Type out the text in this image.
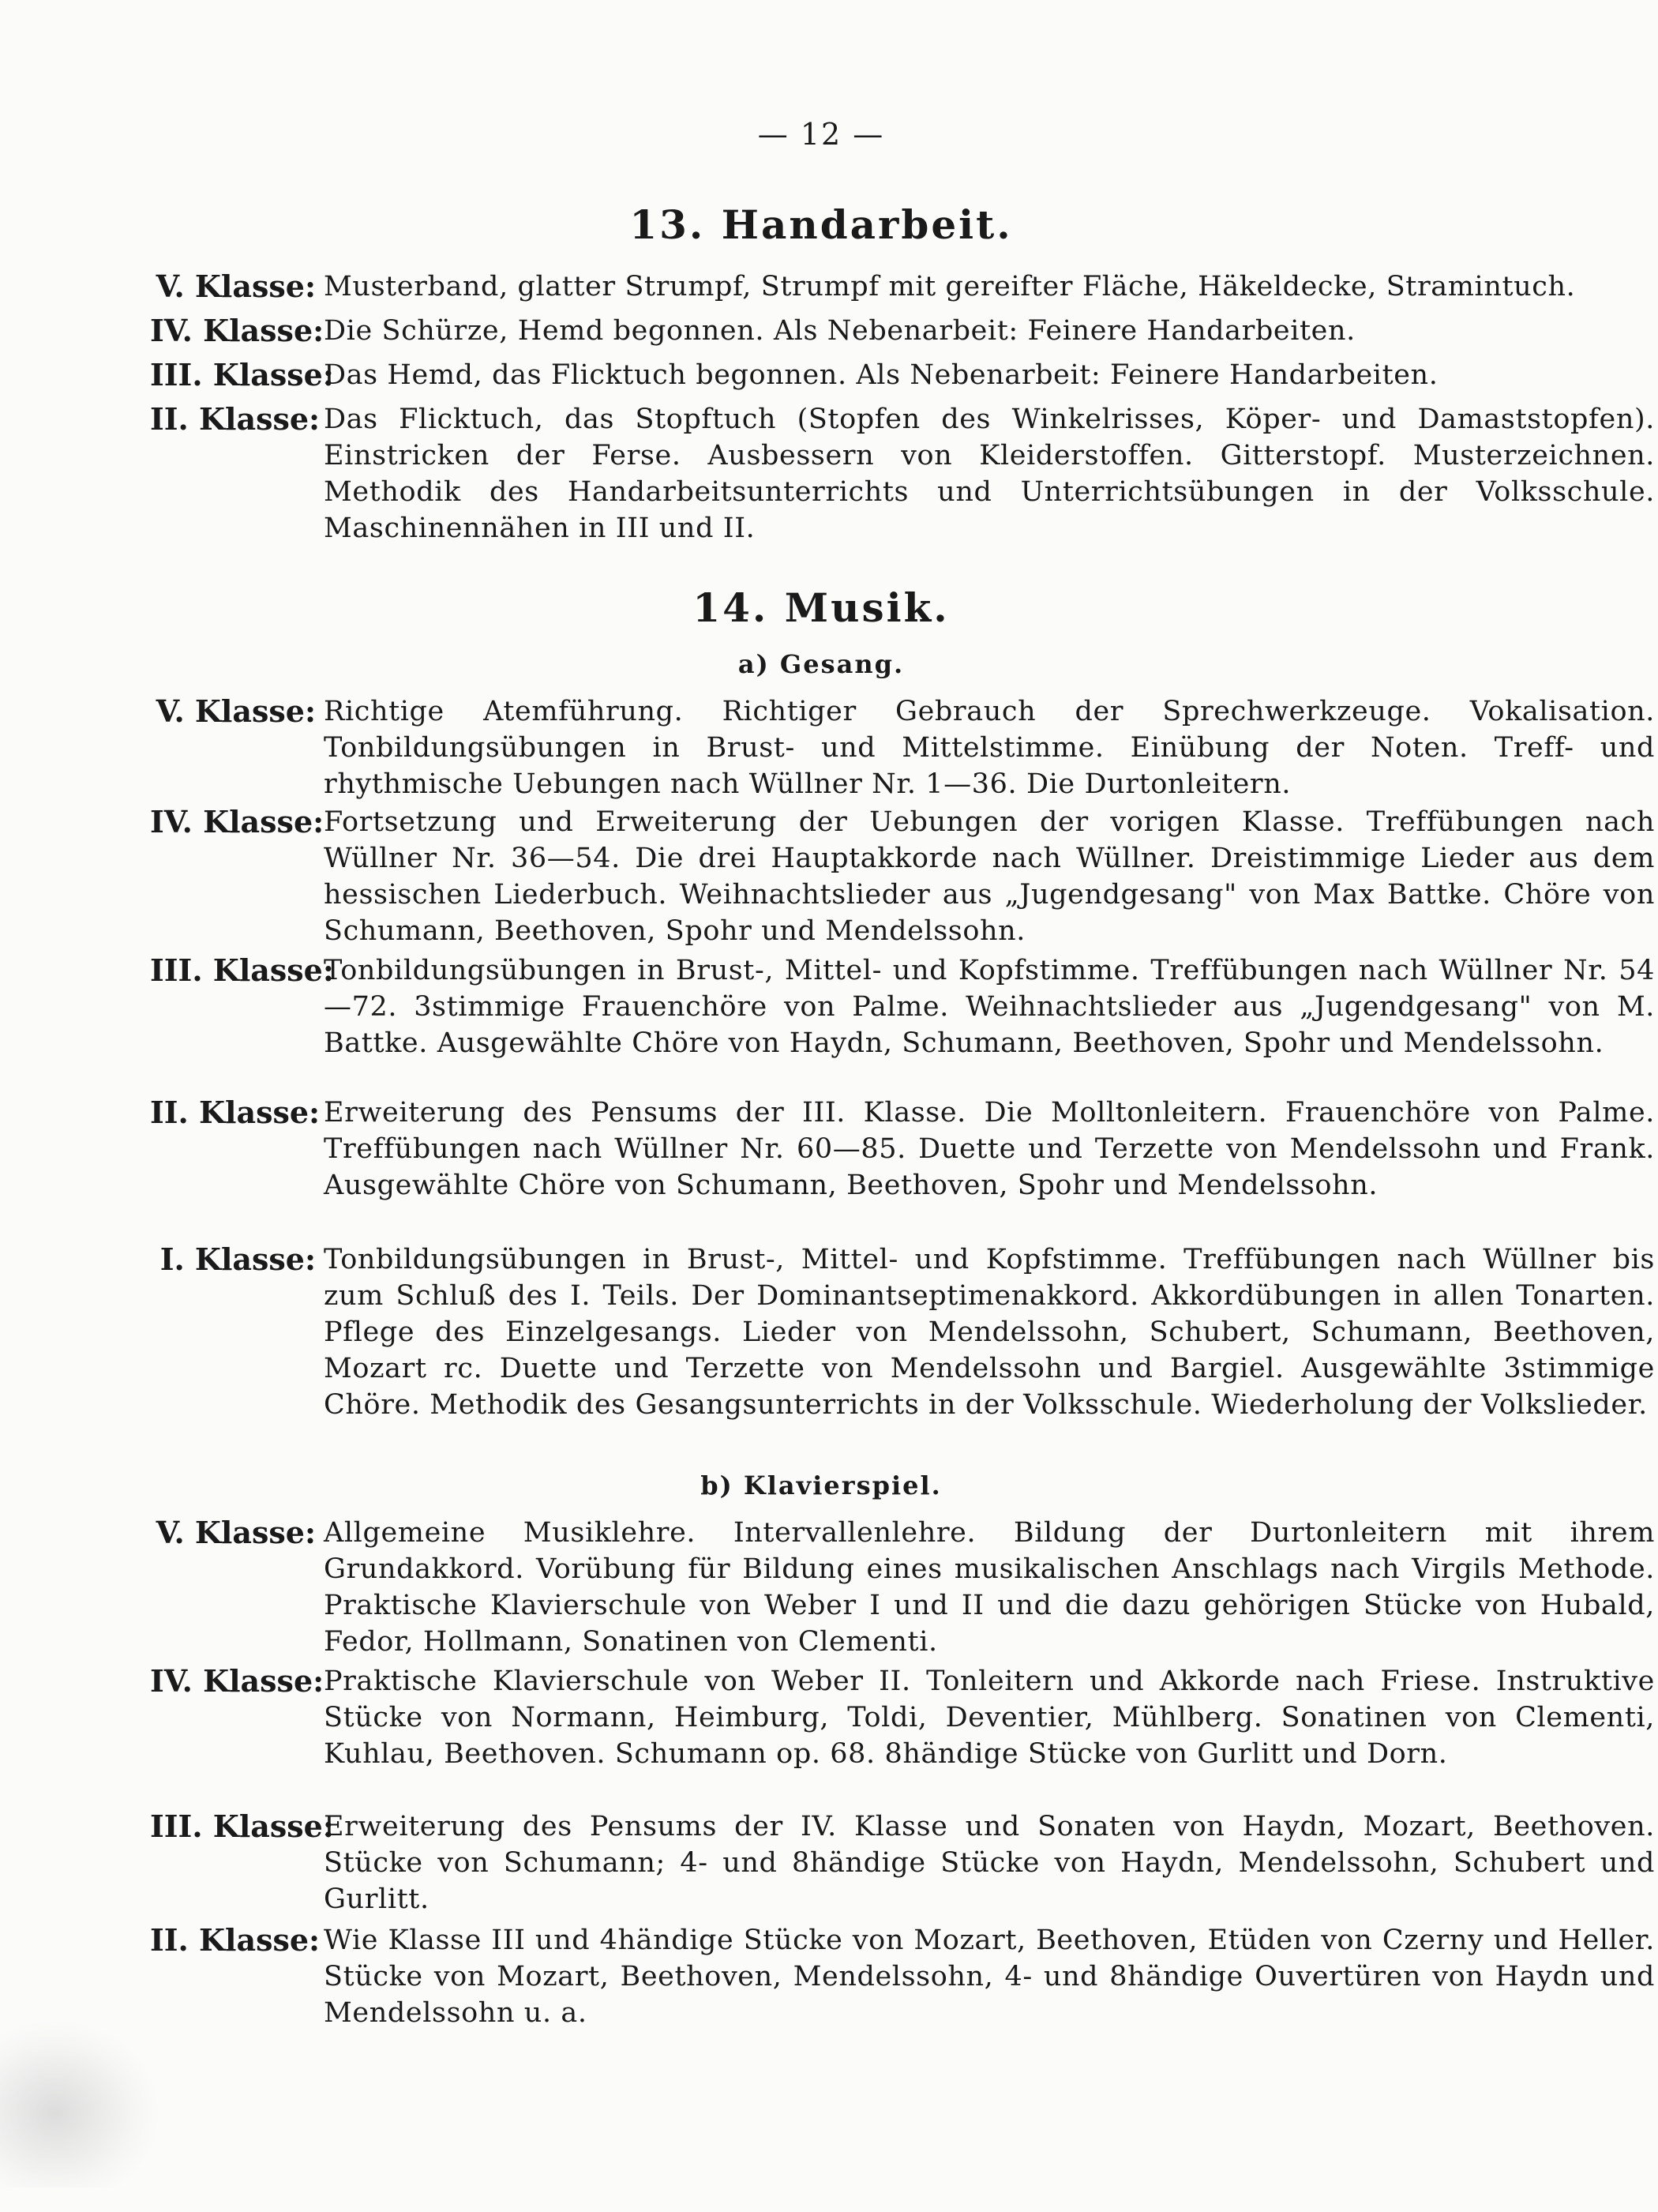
— 12 —
13. Handarbeit.
V. Klasse: Musterband, glatter Strumpf, Strumpf mit gereifter Fläche, Häkeldecke, Stramintuch.
IV. Klasse: Die Schürze, Hemd begonnen. Als Nebenarbeit: Feinere Handarbeiten.
III. Klasse:
Das Hemd, das Flicktuch begonnen. Als Nebenarbeit: Feinere Handarbeiten.
II. Klasse: Das Flicktuch, das Stopftuch (Stopfen des Winkelrisses, Köper- und Damaststopfen). Einstricken der Ferse. Ausbessern von Kleiderstoffen. Gitterstopf. Musterzeichnen. Methodik des Handarbeitsunterrichts und Unterrichtsübungen in der Volksschule. Maschinennähen in III und II.
14. Musik.
a) Gesang.
V. Klasse: Richtige Atemführung. Richtiger Gebrauch der Sprechwerkzeuge. Vokalisation. Tonbildungsübungen in Brust- und Mittelstimme. Einübung der Noten. Treff- und rhythmische Uebungen nach Wüllner Nr. 1—36. Die Durtonleitern.
IV. Klasse: Fortsetzung und Erweiterung der Uebungen der vorigen Klasse. Treffübungen nach Wüllner Nr. 36—54. Die drei Hauptakkorde nach Wüllner. Dreistimmige Lieder aus dem hessischen Liederbuch. Weihnachtslieder aus „Jugendgesang" von Max Battke. Chöre von Schumann, Beethoven, Spohr und Mendelssohn.
III. Klasse:
Tonbildungsübungen in Brust-, Mittel- und Kopfstimme. Treffübungen nach Wüllner Nr. 54—72. 3stimmige Frauenchöre von Palme. Weihnachtslieder aus „Jugendgesang" von M. Battke. Ausgewählte Chöre von Haydn, Schumann, Beethoven, Spohr und Mendelssohn.
II. Klasse: Erweiterung des Pensums der III. Klasse. Die Molltonleitern. Frauenchöre von Palme. Treffübungen nach Wüllner Nr. 60—85. Duette und Terzette von Mendelssohn und Frank. Ausgewählte Chöre von Schumann, Beethoven, Spohr und Mendelssohn.
I. Klasse: Tonbildungsübungen in Brust-, Mittel- und Kopfstimme. Treffübungen nach Wüllner bis zum Schluß des I. Teils. Der Dominantseptimenakkord. Akkordübungen in allen Tonarten. Pflege des Einzelgesangs. Lieder von Mendelssohn, Schubert, Schumann, Beethoven, Mozart rc. Duette und Terzette von Mendelssohn und Bargiel. Ausgewählte 3stimmige Chöre. Methodik des Gesangsunterrichts in der Volksschule. Wiederholung der Volkslieder.
b) Klavierspiel.
V. Klasse: Allgemeine Musiklehre. Intervallenlehre. Bildung der Durtonleitern mit ihrem Grundakkord. Vorübung für Bildung eines musikalischen Anschlags nach Virgils Methode. Praktische Klavierschule von Weber I und II und die dazu gehörigen Stücke von Hubald, Fedor, Hollmann, Sonatinen von Clementi.
IV. Klasse: Praktische Klavierschule von Weber II. Tonleitern und Akkorde nach Friese. Instruktive Stücke von Normann, Heimburg, Toldi, Deventier, Mühlberg. Sonatinen von Clementi, Kuhlau, Beethoven. Schumann op. 68. 8händige Stücke von Gurlitt und Dorn.
III. Klasse:
Erweiterung des Pensums der IV. Klasse und Sonaten von Haydn, Mozart, Beethoven. Stücke von Schumann; 4- und 8händige Stücke von Haydn, Mendelssohn, Schubert und Gurlitt.
II. Klasse: Wie Klasse III und 4händige Stücke von Mozart, Beethoven, Etüden von Czerny und Heller. Stücke von Mozart, Beethoven, Mendelssohn, 4- und 8händige Ouvertüren von Haydn und Mendelssohn u. a.
